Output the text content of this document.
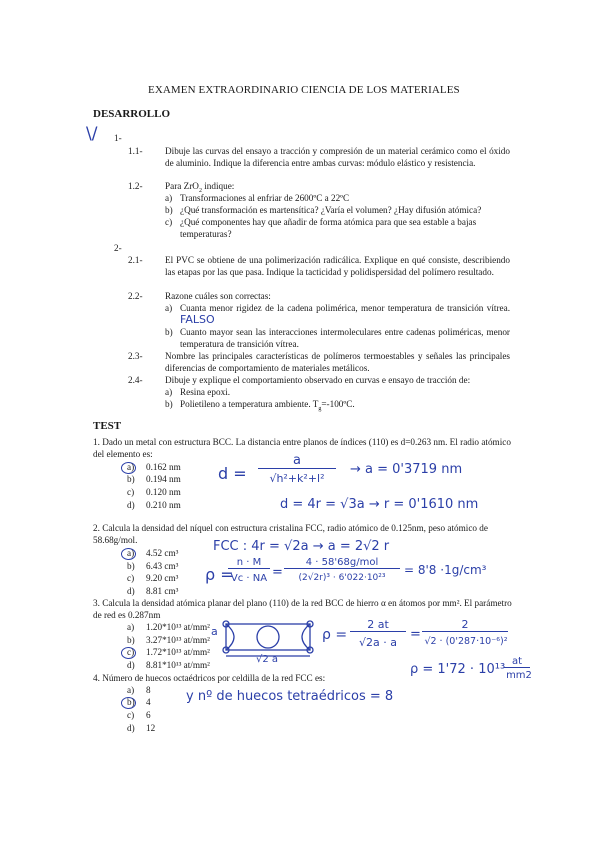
EXAMEN EXTRAORDINARIO CIENCIA DE LOS MATERIALES
DESARROLLO
\/ 1-
1.1- Dibuje las curvas del ensayo a tracción y compresión de un material cerámico como el óxido de aluminio. Indique la diferencia entre ambas curvas: módulo elástico y resistencia.
1.2- Para ZrO$_2$ indique:
a) Transformaciones al enfriar de 2600ºC a 22ºC
b) ¿Qué transformación es martensítica? ¿Varía el volumen? ¿Hay difusión atómica?
c) ¿Qué componentes hay que añadir de forma atómica para que sea estable a bajas temperaturas?
2-
2.1- El PVC se obtiene de una polimerización radicálica. Explique en qué consiste, describiendo las etapas por las que pasa. Indique la tacticidad y polidispersidad del polímero resultado.
2.2- Razone cuáles son correctas:
a) Cuanta menor rigidez de la cadena polimérica, menor temperatura de transición vítrea. FALSO
b) Cuanto mayor sean las interacciones intermoleculares entre cadenas poliméricas, menor temperatura de transición vítrea.
2.3- Nombre las principales características de polímeros termoestables y señales las principales diferencias de comportamiento de materiales metálicos.
2.4- Dibuje y explique el comportamiento observado en curvas e ensayo de tracción de:
a) Resina epoxi.
b) Polietileno a temperatura ambiente. $T_g=-100ºC$.
TEST
1. Dado un metal con estructura BCC. La distancia entre planos de índices (110) es d=0.263 nm. El radio atómico del elemento es:
a) 0.162 nm
b) 0.194 nm
c) 0.120 nm
d) 0.210 nm
d =
a
√h²+k²+l²
→ a = 0'3719 nm
d = 4r = √3a → r = 0'1610 nm
2. Calcula la densidad del níquel con estructura cristalina FCC, radio atómico de 0.125nm, peso atómico de 58.68g/mol.
a) 4.52 cm³
b) 6.43 cm³
c) 9.20 cm³
d) 8.81 cm³
FCC : 4r = √2a → a = 2√2 r
ρ =
n · M
Vc · NA =
4 · 58'68g/mol
(2√2r)³ · 6'022·10²³
= 8'8 ·1g/cm³
3. Calcula la densidad atómica planar del plano (110) de la red BCC de hierro α en átomos por mm². El parámetro de red es 0.287nm
a) 1.20*10¹³ at/mm²
b) 3.27*10¹³ at/mm²
c) 1.72*10¹³ at/mm²
d) 8.81*10¹³ at/mm²
a
√2 a
ρ =
2 at
√2a · a
=
2
√2 · (0'287·10⁻⁶)²
ρ = 1'72 · 10¹³
at
mm2
4. Número de huecos octaédricos por celdilla de la red FCC es:
a) 8
b) 4
c) 6
d) 12
y nº de huecos tetraédricos = 8
